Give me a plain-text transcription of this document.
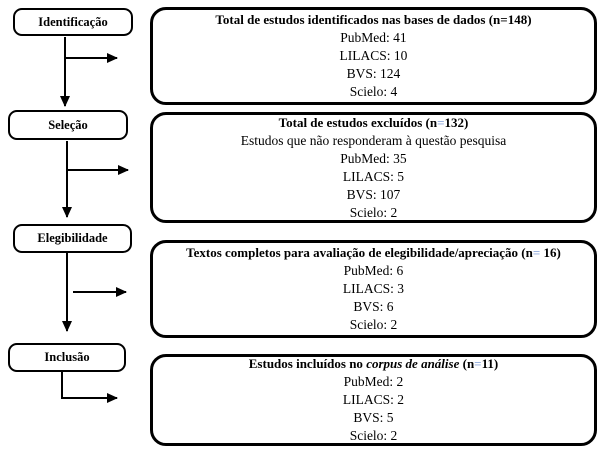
Identificação
Seleção
Elegibilidade
Inclusão
Total de estudos identificados nas bases de dados (n=148)
PubMed: 41
LILACS: 10
BVS: 124
Scielo: 4
Total de estudos excluídos (n=132)
Estudos que não responderam à questão pesquisa
PubMed: 35
LILACS: 5
BVS: 107
Scielo: 2
Textos completos para avaliação de elegibilidade/apreciação (n= 16)
PubMed: 6
LILACS: 3
BVS: 6
Scielo: 2
Estudos incluídos no corpus de análise (n=11)
PubMed: 2
LILACS: 2
BVS: 5
Scielo: 2
